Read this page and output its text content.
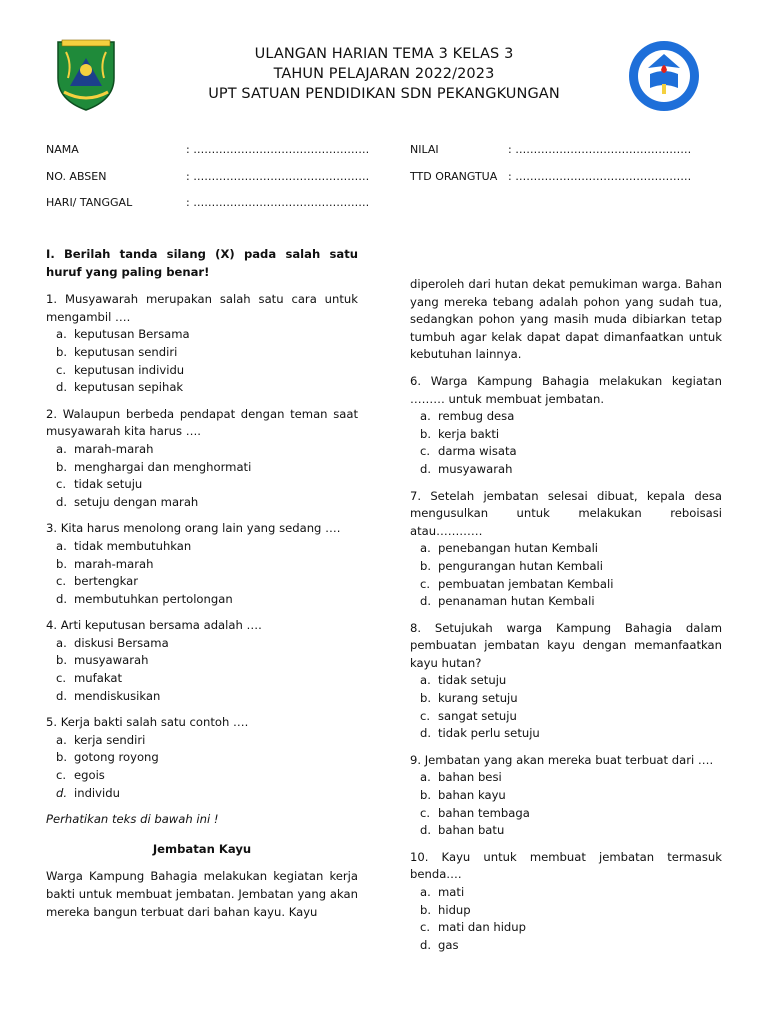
ULANGAN HARIAN TEMA 3 KELAS 3
TAHUN PELAJARAN 2022/2023
UPT SATUAN PENDIDIKAN SDN PEKANGKUNGAN
NAMA	: …………………………………………
NO. ABSEN	: …………………………………………
HARI/ TANGGAL	: …………………………………………
NILAI	: …………………………………………
TTD ORANGTUA : …………………………………………
I. Berilah tanda silang (X) pada salah satu huruf yang paling benar!
1. Musyawarah merupakan salah satu cara untuk mengambil ….
a. keputusan Bersama
b. keputusan sendiri
c. keputusan individu
d. keputusan sepihak
2. Walaupun berbeda pendapat dengan teman saat musyawarah kita harus ….
a. marah-marah
b. menghargai dan menghormati
c. tidak setuju
d. setuju dengan marah
3. Kita harus menolong orang lain yang sedang ….
a. tidak membutuhkan
b. marah-marah
c. bertengkar
d. membutuhkan pertolongan
4. Arti keputusan bersama adalah ….
a. diskusi Bersama
b. musyawarah
c. mufakat
d. mendiskusikan
5. Kerja bakti salah satu contoh ….
a. kerja sendiri
b. gotong royong
c. egois
d. individu
Perhatikan teks di bawah ini !
Jembatan Kayu
Warga Kampung Bahagia melakukan kegiatan kerja bakti untuk membuat jembatan. Jembatan yang akan mereka bangun terbuat dari bahan kayu. Kayu
diperoleh dari hutan dekat pemukiman warga. Bahan yang mereka tebang adalah pohon yang sudah tua, sedangkan pohon yang masih muda dibiarkan tetap tumbuh agar kelak dapat dapat dimanfaatkan untuk kebutuhan lainnya.
6. Warga Kampung Bahagia melakukan kegiatan ……… untuk membuat jembatan.
a. rembug desa
b. kerja bakti
c. darma wisata
d. musyawarah
7. Setelah jembatan selesai dibuat, kepala desa mengusulkan untuk melakukan reboisasi atau…………
a. penebangan hutan Kembali
b. pengurangan hutan Kembali
c. pembuatan jembatan Kembali
d. penanaman hutan Kembali
8. Setujukah warga Kampung Bahagia dalam pembuatan jembatan kayu dengan memanfaatkan kayu hutan?
a. tidak setuju
b. kurang setuju
c. sangat setuju
d. tidak perlu setuju
9. Jembatan yang akan mereka buat terbuat dari ….
a. bahan besi
b. bahan kayu
c. bahan tembaga
d. bahan batu
10. Kayu untuk membuat jembatan termasuk benda….
a. mati
b. hidup
c. mati dan hidup
d. gas
